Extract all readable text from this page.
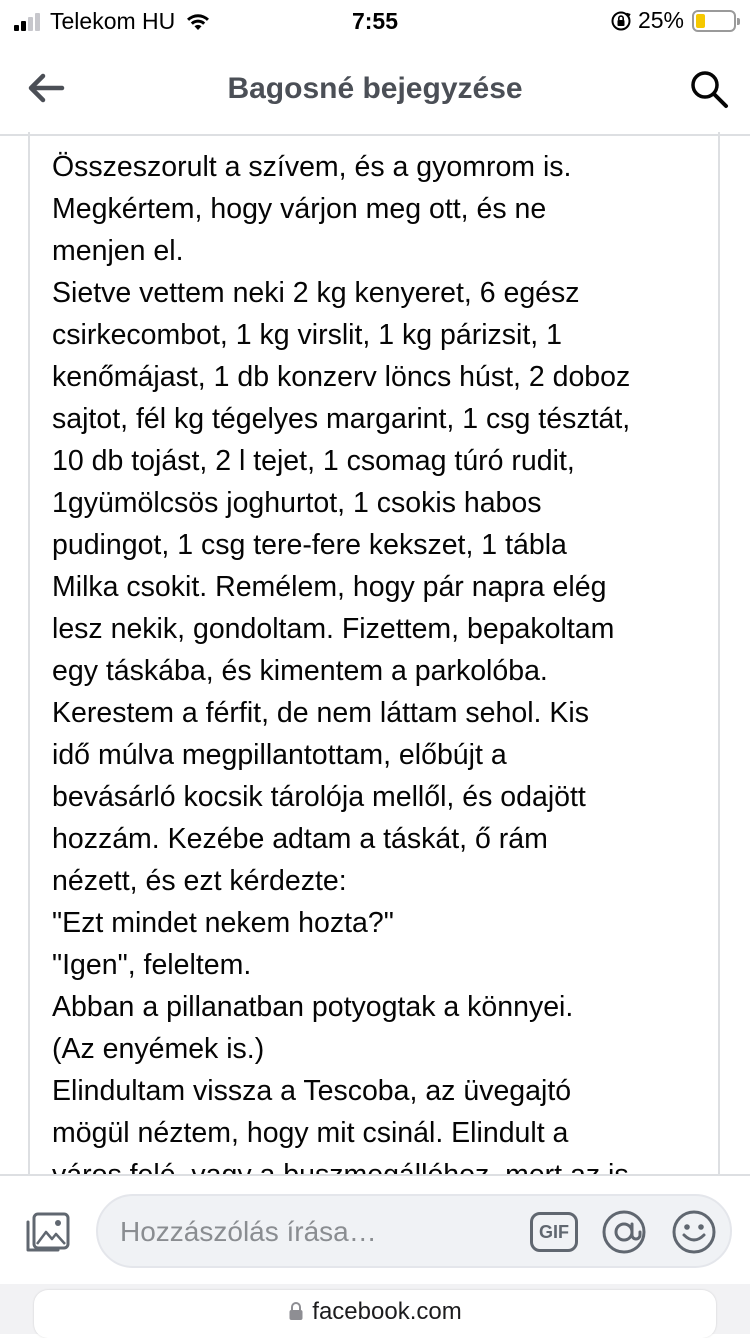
Telekom HU	7:55	25%
Bagosné bejegyzése
Összeszorult a szívem, és a gyomrom is.
Megkértem, hogy várjon meg ott, és ne
menjen el.
Sietve vettem neki 2 kg kenyeret, 6 egész
csirkecombot, 1 kg virslit, 1 kg párizsit, 1
kenőmájast, 1 db konzerv löncs húst, 2 doboz
sajtot, fél kg tégelyes margarint, 1 csg tésztát,
10 db tojást, 2 l tejet, 1 csomag túró rudit,
1gyümölcsös joghurtot, 1 csokis habos
pudingot, 1 csg tere-fere kekszet, 1 tábla
Milka csokit. Remélem, hogy pár napra elég
lesz nekik, gondoltam. Fizettem, bepakoltam
egy táskába, és kimentem a parkolóba.
Kerestem a férfit, de nem láttam sehol. Kis
idő múlva megpillantottam, előbújt a
bevásárló kocsik tárolója mellől, és odajött
hozzám. Kezébe adtam a táskát, ő rám
nézett, és ezt kérdezte:
"Ezt mindet nekem hozta?"
"Igen", feleltem.
Abban a pillanatban potyogtak a könnyei.
(Az enyémek is.)
Elindultam vissza a Tescoba, az üvegajtó
mögül néztem, hogy mit csinál. Elindult a
Hozzászólás írása…
GIF
facebook.com
